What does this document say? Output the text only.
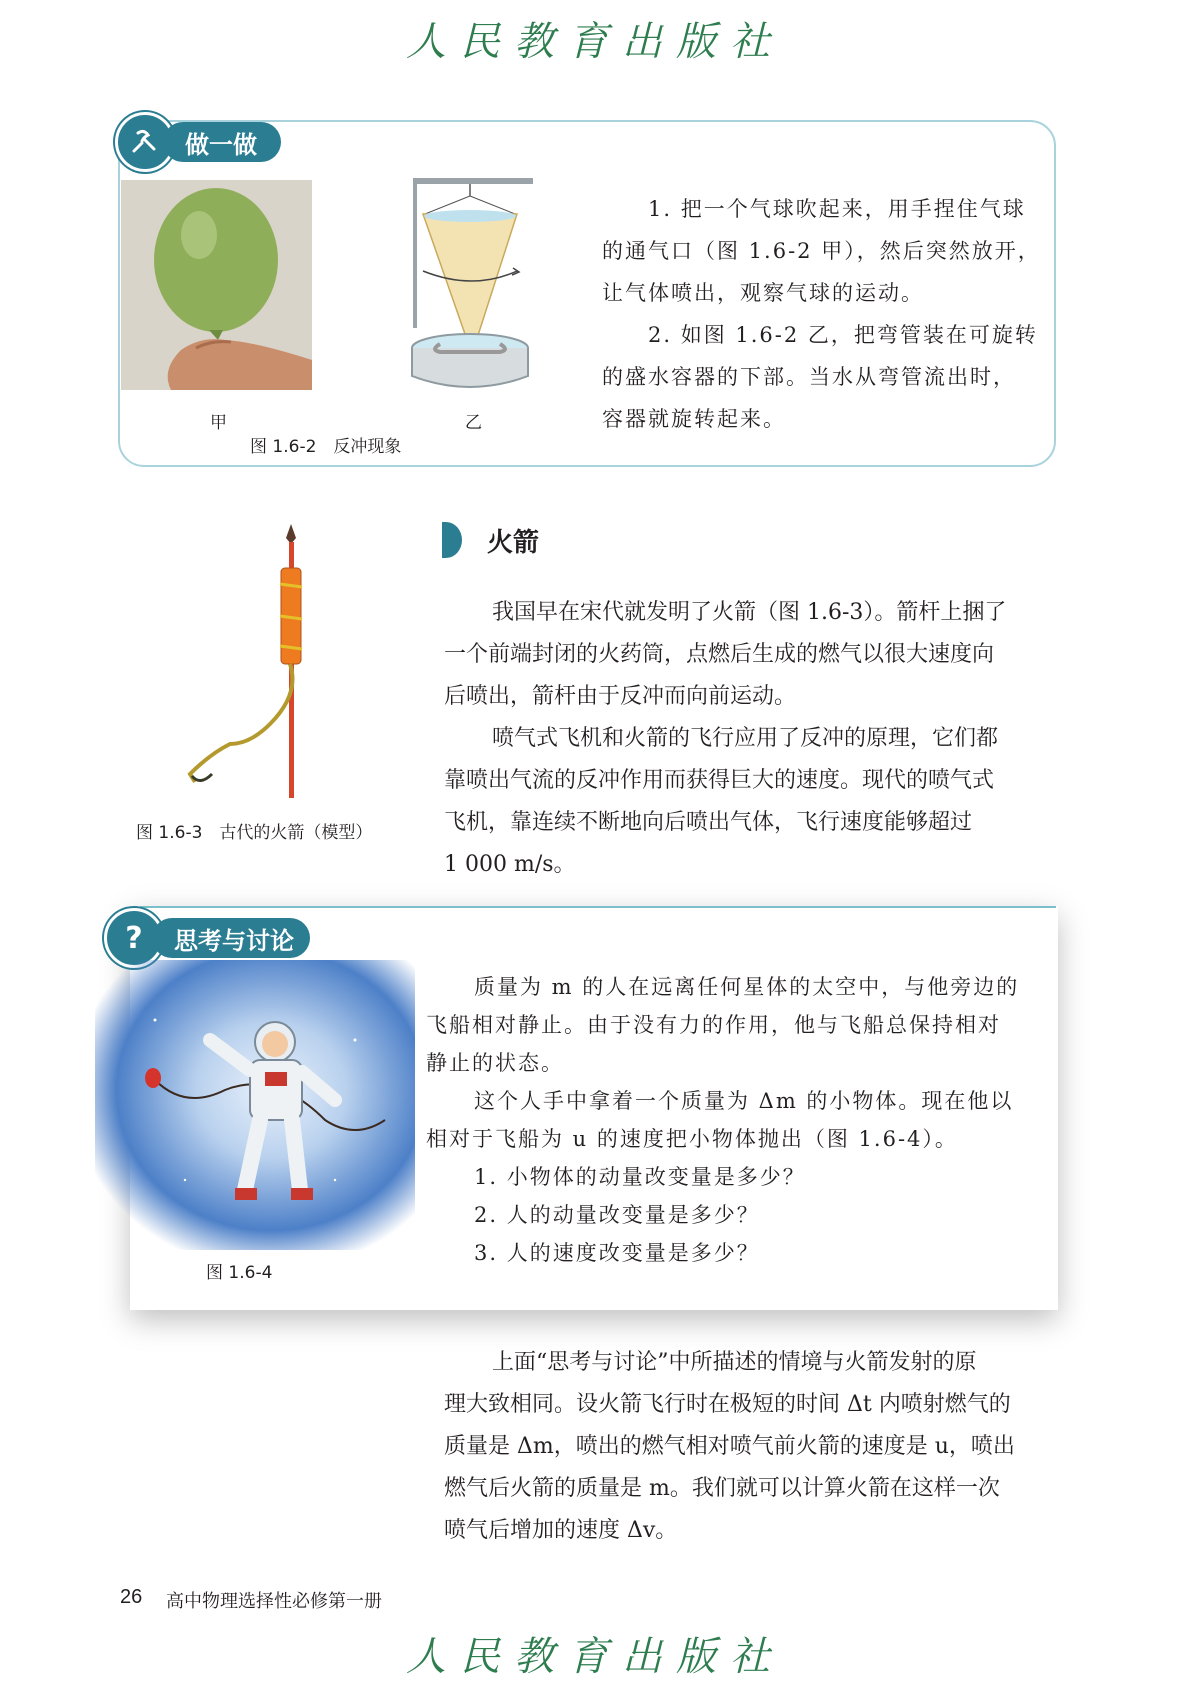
人民教育出版社
做一做
甲	乙
图 1.6-2　反冲现象
1. 把一个气球吹起来，用手捏住气球
的通气口（图 1.6-2 甲），然后突然放开，
让气体喷出，观察气球的运动。
2. 如图 1.6-2 乙，把弯管装在可旋转
的盛水容器的下部。当水从弯管流出时，
容器就旋转起来。
火箭
图 1.6-3　古代的火箭（模型）
我国早在宋代就发明了火箭（图 1.6-3）。箭杆上捆了
一个前端封闭的火药筒，点燃后生成的燃气以很大速度向
后喷出，箭杆由于反冲而向前运动。
喷气式飞机和火箭的飞行应用了反冲的原理，它们都
靠喷出气流的反冲作用而获得巨大的速度。现代的喷气式
飞机，靠连续不断地向后喷出气体，飞行速度能够超过
1 000 m/s。
?	思考与讨论
图 1.6-4
质量为 m 的人在远离任何星体的太空中，与他旁边的
飞船相对静止。由于没有力的作用，他与飞船总保持相对
静止的状态。
这个人手中拿着一个质量为 Δm 的小物体。现在他以
相对于飞船为 u 的速度把小物体抛出（图 1.6-4）。
1. 小物体的动量改变量是多少？
2. 人的动量改变量是多少？
3. 人的速度改变量是多少？
上面“思考与讨论”中所描述的情境与火箭发射的原
理大致相同。设火箭飞行时在极短的时间 Δt 内喷射燃气的
质量是 Δm，喷出的燃气相对喷气前火箭的速度是 u，喷出
燃气后火箭的质量是 m。我们就可以计算火箭在这样一次
喷气后增加的速度 Δv。
26 高中物理选择性必修第一册
人民教育出版社
